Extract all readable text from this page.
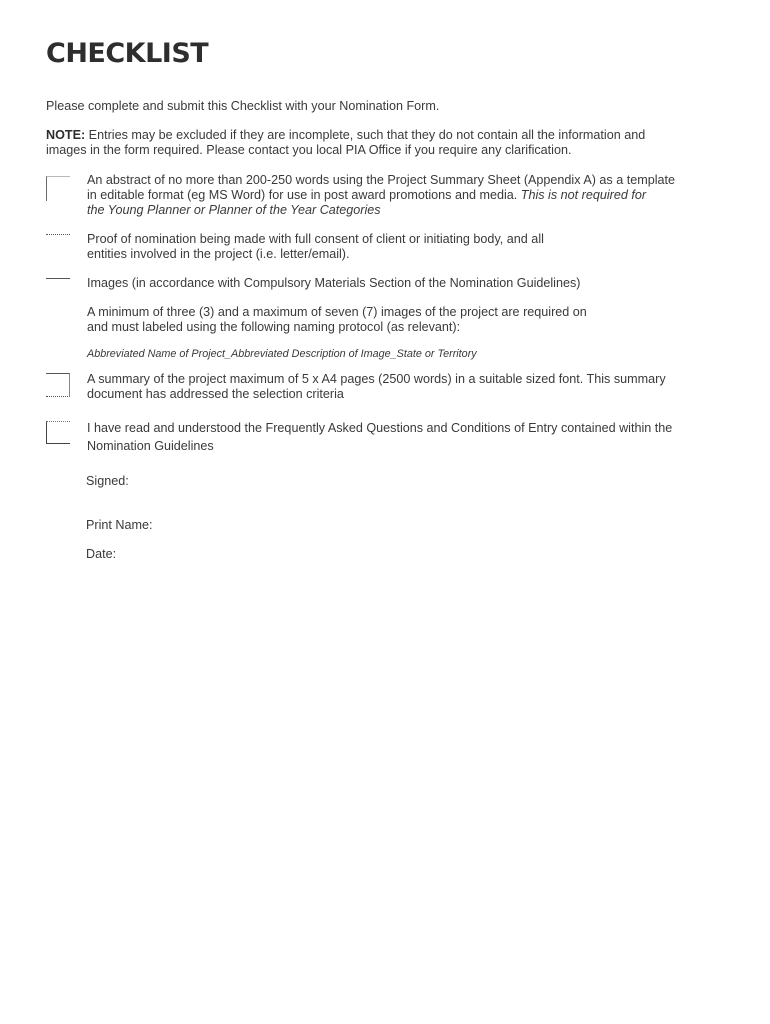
CHECKLIST

Please complete and submit this Checklist with your Nomination Form.

NOTE: Entries may be excluded if they are incomplete, such that they do not contain all the information and
images in the form required. Please contact you local PIA Office if you require any clarification.

An abstract of no more than 200-250 words using the Project Summary Sheet (Appendix A) as a template
in editable format (eg MS Word) for use in post award promotions and media. This is not required for
the Young Planner or Planner of the Year Categories

Proof of nomination being made with full consent of client or initiating body, and all
entities involved in the project (i.e. letter/email).

Images (in accordance with Compulsory Materials Section of the Nomination Guidelines)

A minimum of three (3) and a maximum of seven (7) images of the project are required on
and must labeled using the following naming protocol (as relevant):

Abbreviated Name of Project_Abbreviated Description of Image_State or Territory

A summary of the project maximum of 5 x A4 pages (2500 words) in a suitable sized font. This summary
document has addressed the selection criteria

I have read and understood the Frequently Asked Questions and Conditions of Entry contained within the
Nomination Guidelines

Signed:

Print Name:

Date:
